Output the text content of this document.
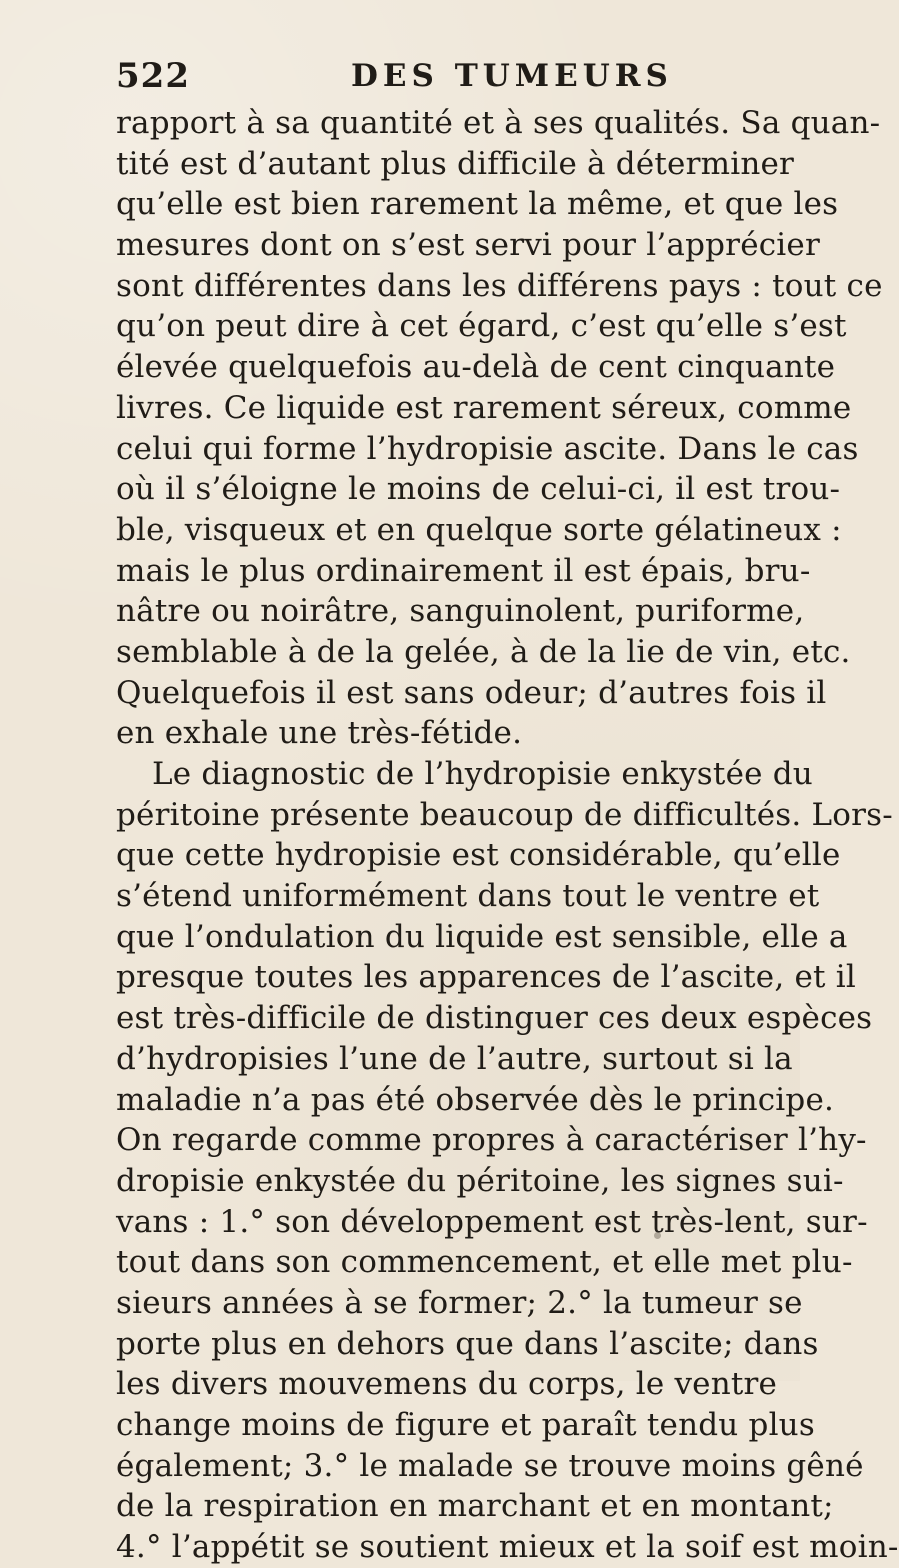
522	DES TUMEURS
rapport à sa quantité et à ses qualités. Sa quan-
tité est d’autant plus difficile à déterminer
qu’elle est bien rarement la même, et que les
mesures dont on s’est servi pour l’apprécier
sont différentes dans les différens pays : tout ce
qu’on peut dire à cet égard, c’est qu’elle s’est
élevée quelquefois au-delà de cent cinquante
livres. Ce liquide est rarement séreux, comme
celui qui forme l’hydropisie ascite. Dans le cas
où il s’éloigne le moins de celui-ci, il est trou-
ble, visqueux et en quelque sorte gélatineux :
mais le plus ordinairement il est épais, bru-
nâtre ou noirâtre, sanguinolent, puriforme,
semblable à de la gelée, à de la lie de vin, etc.
Quelquefois il est sans odeur; d’autres fois il
en exhale une très-fétide.
Le diagnostic de l’hydropisie enkystée du
péritoine présente beaucoup de difficultés. Lors-
que cette hydropisie est considérable, qu’elle
s’étend uniformément dans tout le ventre et
que l’ondulation du liquide est sensible, elle a
presque toutes les apparences de l’ascite, et il
est très-difficile de distinguer ces deux espèces
d’hydropisies l’une de l’autre, surtout si la
maladie n’a pas été observée dès le principe.
On regarde comme propres à caractériser l’hy-
dropisie enkystée du péritoine, les signes sui-
vans : 1.° son développement est très-lent, sur-
tout dans son commencement, et elle met plu-
sieurs années à se former; 2.° la tumeur se
porte plus en dehors que dans l’ascite; dans
les divers mouvemens du corps, le ventre
change moins de figure et paraît tendu plus
également; 3.° le malade se trouve moins gêné
de la respiration en marchant et en montant;
4.° l’appétit se soutient mieux et la soif est moin-
